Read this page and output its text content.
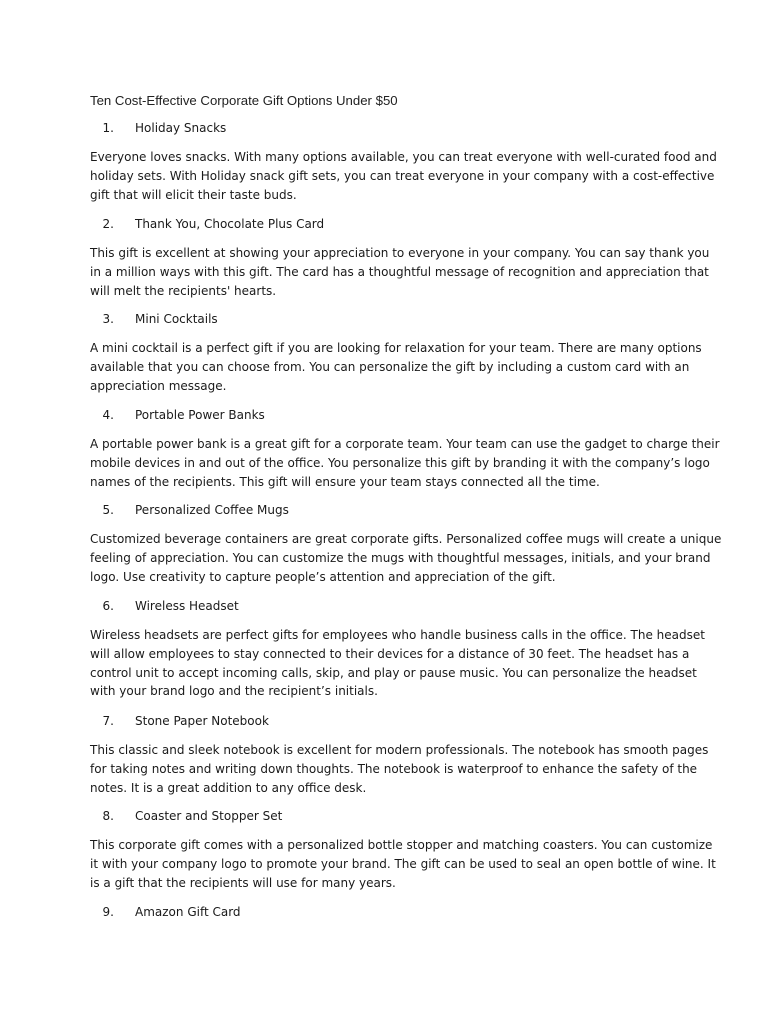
Ten Cost-Effective Corporate Gift Options Under $50
1. Holiday Snacks
Everyone loves snacks. With many options available, you can treat everyone with well-curated food and
holiday sets. With Holiday snack gift sets, you can treat everyone in your company with a cost-effective
gift that will elicit their taste buds.
2. Thank You, Chocolate Plus Card
This gift is excellent at showing your appreciation to everyone in your company. You can say thank you
in a million ways with this gift. The card has a thoughtful message of recognition and appreciation that
will melt the recipients' hearts.
3. Mini Cocktails
A mini cocktail is a perfect gift if you are looking for relaxation for your team. There are many options
available that you can choose from. You can personalize the gift by including a custom card with an
appreciation message.
4. Portable Power Banks
A portable power bank is a great gift for a corporate team. Your team can use the gadget to charge their
mobile devices in and out of the office. You personalize this gift by branding it with the company’s logo
names of the recipients. This gift will ensure your team stays connected all the time.
5. Personalized Coffee Mugs
Customized beverage containers are great corporate gifts. Personalized coffee mugs will create a unique
feeling of appreciation. You can customize the mugs with thoughtful messages, initials, and your brand
logo. Use creativity to capture people’s attention and appreciation of the gift.
6. Wireless Headset
Wireless headsets are perfect gifts for employees who handle business calls in the office. The headset
will allow employees to stay connected to their devices for a distance of 30 feet. The headset has a
control unit to accept incoming calls, skip, and play or pause music. You can personalize the headset
with your brand logo and the recipient’s initials.
7. Stone Paper Notebook
This classic and sleek notebook is excellent for modern professionals. The notebook has smooth pages
for taking notes and writing down thoughts. The notebook is waterproof to enhance the safety of the
notes. It is a great addition to any office desk.
8. Coaster and Stopper Set
This corporate gift comes with a personalized bottle stopper and matching coasters. You can customize
it with your company logo to promote your brand. The gift can be used to seal an open bottle of wine. It
is a gift that the recipients will use for many years.
9. Amazon Gift Card
